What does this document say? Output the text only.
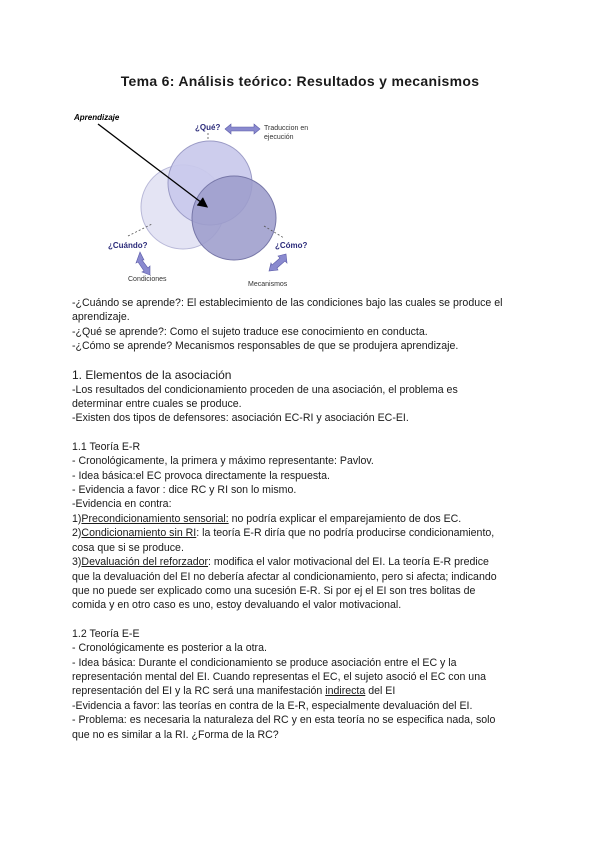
Tema 6: Análisis teórico: Resultados y mecanismos
Aprendizaje
¿Qué?	Traduccion en
ejecución
¿Cuándo?
Condiciones
¿Cómo?
Mecanismos

-¿Cuándo se aprende?: El establecimiento de las condiciones bajo las cuales se produce el

aprendizaje.

-¿Qué se aprende?: Como el sujeto traduce ese conocimiento en conducta.

-¿Cómo se aprende? Mecanismos responsables de que se produjera aprendizaje.

1. Elementos de la asociación

-Los resultados del condicionamiento proceden de una asociación, el problema es

determinar entre cuales se produce.

-Existen dos tipos de defensores: asociación EC-RI y asociación EC-EI.

1.1 Teoría E-R

- Cronológicamente, la primera y máximo representante: Pavlov.

- Idea básica:el EC provoca directamente la respuesta.

- Evidencia a favor : dice RC y RI son lo mismo.

-Evidencia en contra:

1)Precondicionamiento sensorial: no podría explicar el emparejamiento de dos EC.

2)Condicionamiento sin RI: la teoría E-R diría que no podría producirse condicionamiento,

cosa que si se produce.

3)Devaluación del reforzador: modifica el valor motivacional del EI. La teoría E-R predice

que la devaluación del EI no debería afectar al condicionamiento, pero si afecta; indicando

que no puede ser explicado como una sucesión E-R. Si por ej el EI son tres bolitas de

comida y en otro caso es uno, estoy devaluando el valor motivacional.

1.2 Teoría E-E

- Cronológicamente es posterior a la otra.

- Idea básica: Durante el condicionamiento se produce asociación entre el EC y la

representación mental del EI. Cuando representas el EC, el sujeto asoció el EC con una

representación del EI y la RC será una manifestación indirecta del EI

-Evidencia a favor: las teorías en contra de la E-R, especialmente devaluación del EI.

- Problema: es necesaria la naturaleza del RC y en esta teoría no se especifica nada, solo

que no es similar a la RI. ¿Forma de la RC?
